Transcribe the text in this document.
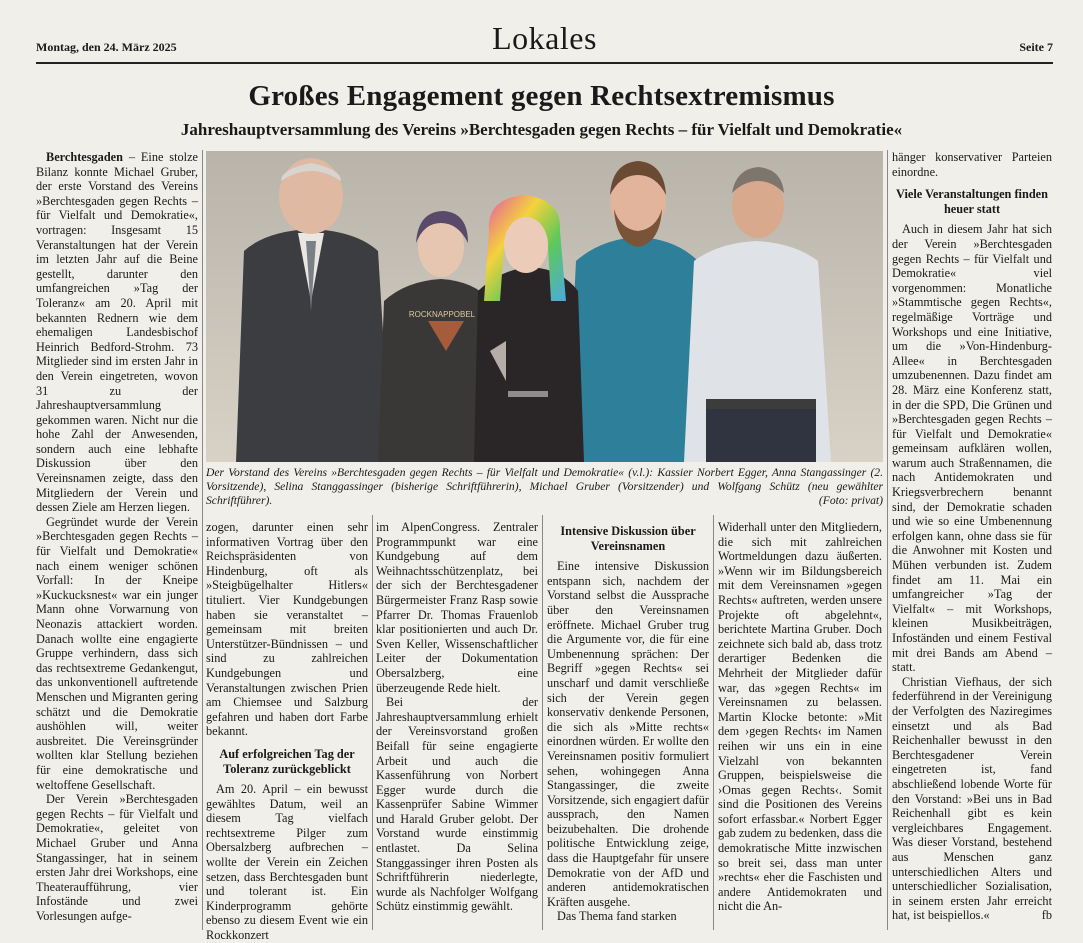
Montag, den 24. März 2025	Lokales	Seite 7
Großes Engagement gegen Rechtsextremismus
Jahreshauptversammlung des Vereins »Berchtesgaden gegen Rechts – für Vielfalt und Demokratie«

Berchtesgaden – Eine stolze Bilanz konnte Michael Gruber, der erste Vorstand des Vereins »Berchtesgaden gegen Rechts – für Vielfalt und Demokratie«, vortragen: Insgesamt 15 Veranstaltungen hat der Verein im letzten Jahr auf die Beine gestellt, darunter den umfangreichen »Tag der Toleranz« am 20. April mit bekannten Rednern wie dem ehemaligen Landesbischof Heinrich Bedford-Strohm. 73 Mitglieder sind im ersten Jahr in den Verein eingetreten, wovon 31 zu der Jahreshauptversammlung gekommen waren. Nicht nur die hohe Zahl der Anwesenden, sondern auch eine lebhafte Diskussion über den Vereinsnamen zeigte, dass den Mitgliedern der Verein und dessen Ziele am Herzen liegen.

Gegründet wurde der Verein »Berchtesgaden gegen Rechts – für Vielfalt und Demokratie« nach einem weniger schönen Vorfall: In der Kneipe »Kuckucksnest« war ein junger Mann ohne Vorwarnung von Neonazis attackiert worden. Danach wollte eine engagierte Gruppe verhindern, dass sich das rechtsextreme Gedankengut, das unkonventionell auftretende Menschen und Migranten gering schätzt und die Demokratie aushöhlen will, weiter ausbreitet. Die Vereinsgründer wollten klar Stellung beziehen für eine demokratische und weltoffene Gesellschaft.

Der Verein »Berchtesgaden gegen Rechts – für Vielfalt und Demokratie«, geleitet von Michael Gruber und Anna Stangassinger, hat in seinem ersten Jahr drei Workshops, eine Theateraufführung, vier Infostände und zwei Vorlesungen aufge-

ROCKNAPPOBEL
Der Vorstand des Vereins »Berchtesgaden gegen Rechts – für Vielfalt und Demokratie« (v.l.): Kassier Norbert Egger, Anna Stangassinger (2. Vorsitzende), Selina Stanggassinger (bisherige Schriftführerin), Michael Gruber (Vorsitzender) und Wolfgang Schütz (neu gewählter Schriftführer).	(Foto: privat)

zogen, darunter einen sehr informativen Vortrag über den Reichspräsidenten von Hindenburg, oft als »Steigbügelhalter Hitlers« tituliert. Vier Kundgebungen haben sie veranstaltet – gemeinsam mit breiten Unterstützer-Bündnissen – und sind zu zahlreichen Kundgebungen und Veranstaltungen zwischen Prien am Chiemsee und Salzburg gefahren und haben dort Farbe bekannt.

Auf erfolgreichen Tag der Toleranz zurückgeblickt

Am 20. April – ein bewusst gewähltes Datum, weil an diesem Tag vielfach rechtsextreme Pilger zum Obersalzberg aufbrechen – wollte der Verein ein Zeichen setzen, dass Berchtesgaden bunt und tolerant ist. Ein Kinderprogramm gehörte ebenso zu diesem Event wie ein Rockkonzert

im AlpenCongress. Zentraler Programmpunkt war eine Kundgebung auf dem Weihnachtsschützenplatz, bei der sich der Berchtesgadener Bürgermeister Franz Rasp sowie Pfarrer Dr. Thomas Frauenlob klar positionierten und auch Dr. Sven Keller, Wissenschaftlicher Leiter der Dokumentation Obersalzberg, eine überzeugende Rede hielt.

Bei der Jahreshauptversammlung erhielt der Vereinsvorstand großen Beifall für seine engagierte Arbeit und auch die Kassenführung von Norbert Egger wurde durch die Kassenprüfer Sabine Wimmer und Harald Gruber gelobt. Der Vorstand wurde einstimmig entlastet. Da Selina Stanggassinger ihren Posten als Schriftführerin niederlegte, wurde als Nachfolger Wolfgang Schütz einstimmig gewählt.

Intensive Diskussion über Vereinsnamen

Eine intensive Diskussion entspann sich, nachdem der Vorstand selbst die Aussprache über den Vereinsnamen eröffnete. Michael Gruber trug die Argumente vor, die für eine Umbenennung sprächen: Der Begriff »gegen Rechts« sei unscharf und damit verschließe sich der Verein gegen konservativ denkende Personen, die sich als »Mitte rechts« einordnen würden. Er wollte den Vereinsnamen positiv formuliert sehen, wohingegen Anna Stangassinger, die zweite Vorsitzende, sich engagiert dafür aussprach, den Namen beizubehalten. Die drohende politische Entwicklung zeige, dass die Hauptgefahr für unsere Demokratie von der AfD und anderen antidemokratischen Kräften ausgehe.

Das Thema fand starken

Widerhall unter den Mitgliedern, die sich mit zahlreichen Wortmeldungen dazu äußerten. »Wenn wir im Bildungsbereich mit dem Vereinsnamen »gegen Rechts« auftreten, werden unsere Projekte oft abgelehnt«, berichtete Martina Gruber. Doch zeichnete sich bald ab, dass trotz derartiger Bedenken die Mehrheit der Mitglieder dafür war, das »gegen Rechts« im Vereinsnamen zu belassen. Martin Klocke betonte: »Mit dem ›gegen Rechts‹ im Namen reihen wir uns ein in eine Vielzahl von bekannten Gruppen, beispielsweise die ›Omas gegen Rechts‹. Somit sind die Positionen des Vereins sofort erfassbar.« Norbert Egger gab zudem zu bedenken, dass die demokratische Mitte inzwischen so breit sei, dass man unter »rechts« eher die Faschisten und andere Antidemokraten und nicht die An-

hänger konservativer Parteien einordne.

Viele Veranstaltungen finden heuer statt

Auch in diesem Jahr hat sich der Verein »Berchtesgaden gegen Rechts – für Vielfalt und Demokratie« viel vorgenommen: Monatliche »Stammtische gegen Rechts«, regelmäßige Vorträge und Workshops und eine Initiative, um die »Von-Hindenburg-Allee« in Berchtesgaden umzubenennen. Dazu findet am 28. März eine Konferenz statt, in der die SPD, Die Grünen und »Berchtesgaden gegen Rechts – für Vielfalt und Demokratie« gemeinsam aufklären wollen, warum auch Straßennamen, die nach Antidemokraten und Kriegsverbrechern benannt sind, der Demokratie schaden und wie so eine Umbenennung erfolgen kann, ohne dass sie für die Anwohner mit Kosten und Mühen verbunden ist. Zudem findet am 11. Mai ein umfangreicher »Tag der Vielfalt« – mit Workshops, kleinen Musikbeiträgen, Infoständen und einem Festival mit drei Bands am Abend – statt.

Christian Viefhaus, der sich federführend in der Vereinigung der Verfolgten des Naziregimes einsetzt und als Bad Reichenhaller bewusst in den Berchtesgadener Verein eingetreten ist, fand abschließend lobende Worte für den Vorstand: »Bei uns in Bad Reichenhall gibt es kein vergleichbares Engagement. Was dieser Vorstand, bestehend aus Menschen ganz unterschiedlichen Alters und unterschiedlicher Sozialisation, in seinem ersten Jahr erreicht hat, ist beispiellos.«	fb
